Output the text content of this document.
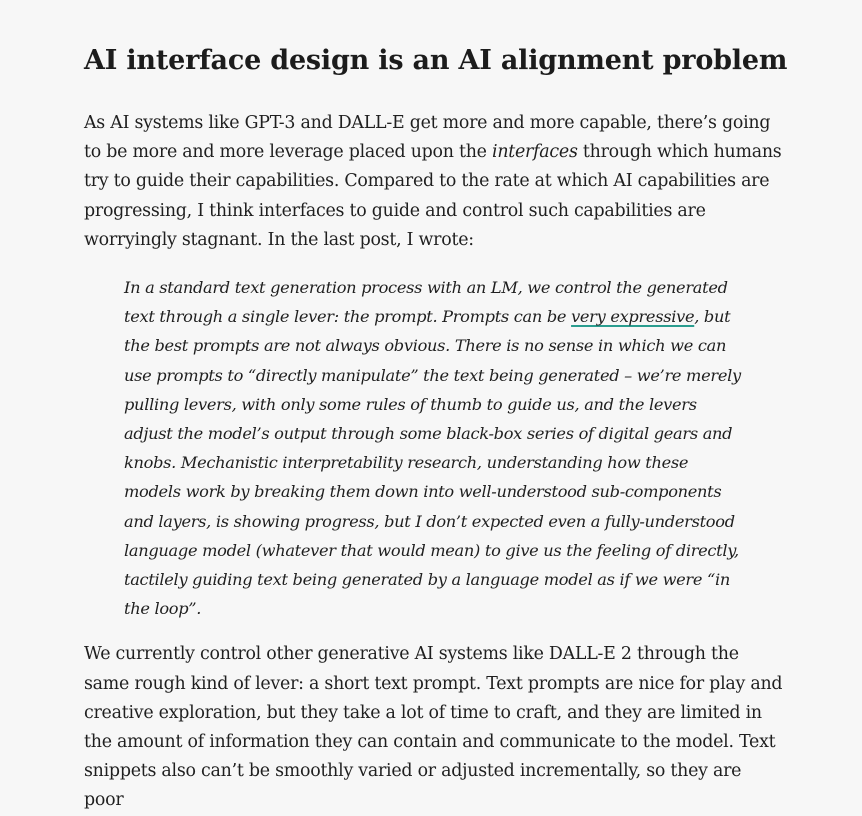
AI interface design is an AI alignment problem

As AI systems like GPT-3 and DALL-E get more and more capable, there’s going to be more and more leverage placed upon the interfaces through which humans try to guide their capabilities. Compared to the rate at which AI capabilities are progressing, I think interfaces to guide and control such capabilities are worryingly stagnant. In the last post, I wrote:

In a standard text generation process with an LM, we control the generated text through a single lever: the prompt. Prompts can be very expressive, but the best prompts are not always obvious. There is no sense in which we can use prompts to “directly manipulate” the text being generated – we’re merely pulling levers, with only some rules of thumb to guide us, and the levers adjust the model’s output through some black-box series of digital gears and knobs. Mechanistic interpretability research, understanding how these models work by breaking them down into well-understood sub-components and layers, is showing progress, but I don’t expected even a fully-understood language model (whatever that would mean) to give us the feeling of directly, tactilely guiding text being generated by a language model as if we were “in the loop”.

We currently control other generative AI systems like DALL-E 2 through the same rough kind of lever: a short text prompt. Text prompts are nice for play and creative exploration, but they take a lot of time to craft, and they are limited in the amount of information they can contain and communicate to the model. Text snippets also can’t be smoothly varied or adjusted incrementally, so they are poor
